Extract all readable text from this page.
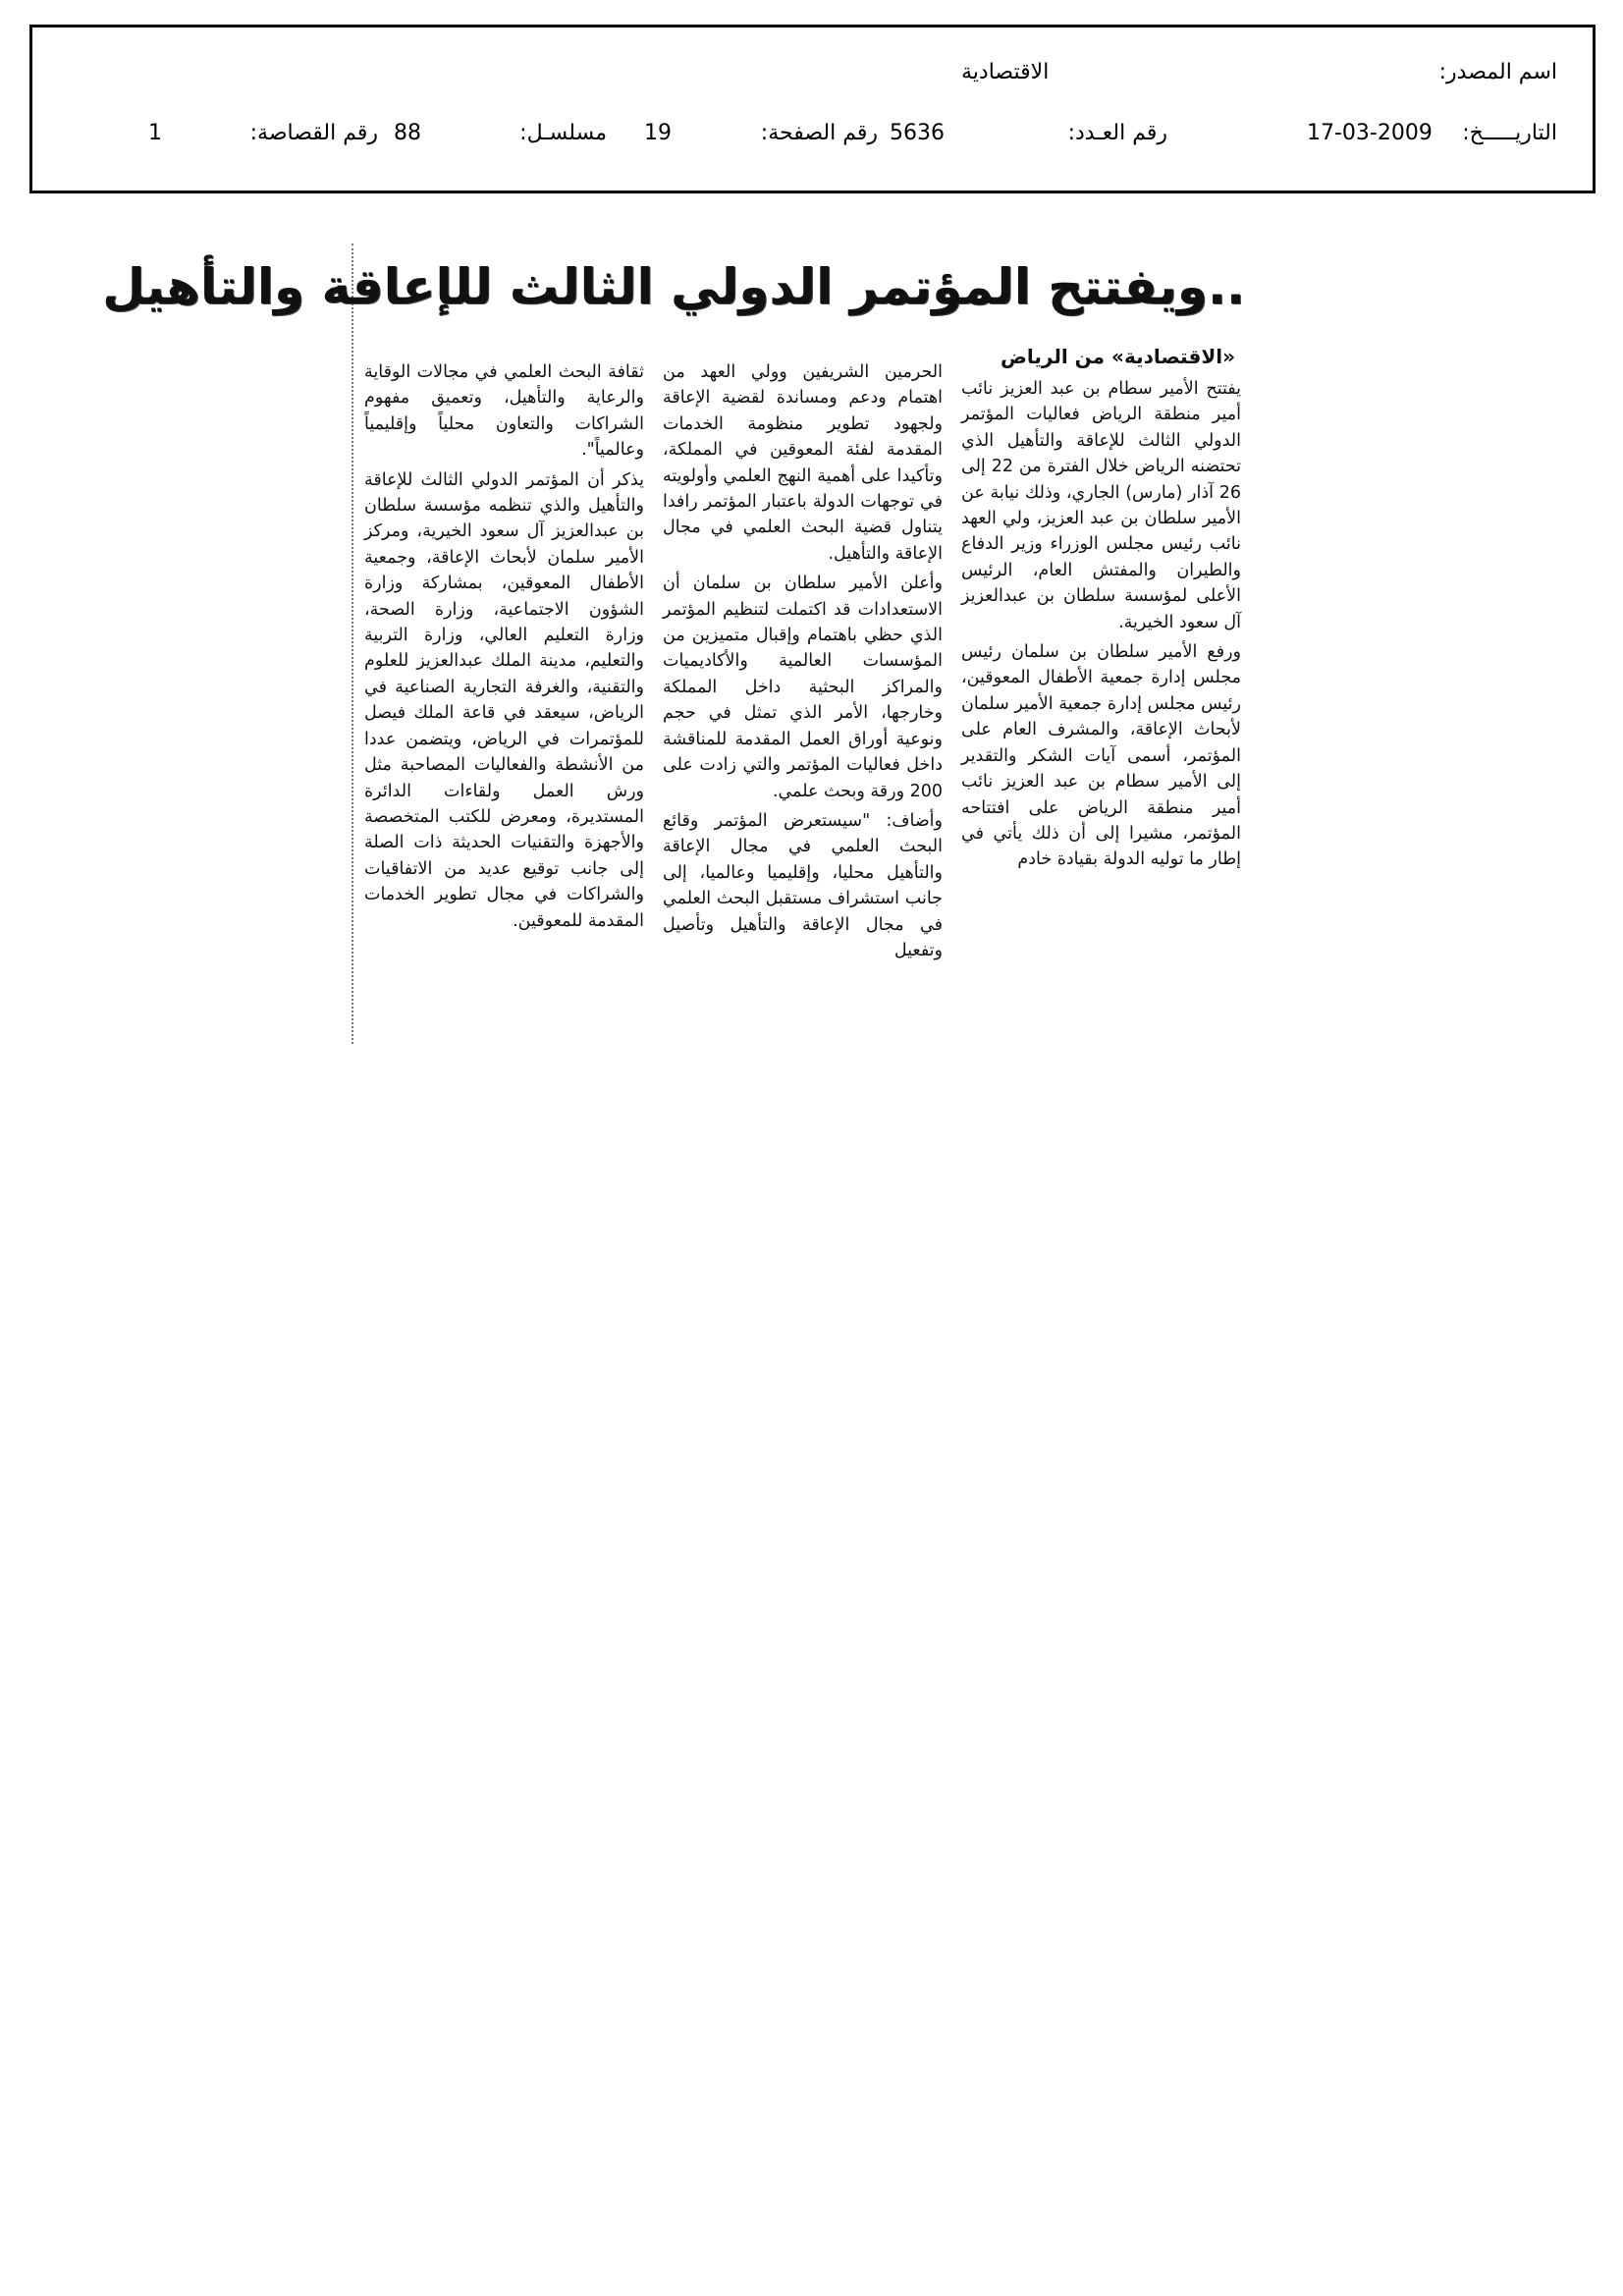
اسم المصدر:
الاقتصادية
التاريـــــخ:
17-03-2009
رقم العـدد:
5636
رقم الصفحة:
19
مسلسـل:
88
رقم القصاصة:
1
..ويفتتح المؤتمر الدولي الثالث للإعاقة والتأهيل
«الاقتصادية» من الرياض

يفتتح الأمير سطام بن عبد العزيز نائب أمير منطقة الرياض فعاليات المؤتمر الدولي الثالث للإعاقة والتأهيل الذي تحتضنه الرياض خلال الفترة من 22 إلى 26 آذار (مارس) الجاري، وذلك نيابة عن الأمير سلطان بن عبد العزيز، ولي العهد نائب رئيس مجلس الوزراء وزير الدفاع والطيران والمفتش العام، الرئيس الأعلى لمؤسسة سلطان بن عبدالعزيز آل سعود الخيرية.

ورفع الأمير سلطان بن سلمان رئيس مجلس إدارة جمعية الأطفال المعوقين، رئيس مجلس إدارة جمعية الأمير سلمان لأبحاث الإعاقة، والمشرف العام على المؤتمر، أسمى آيات الشكر والتقدير إلى الأمير سطام بن عبد العزيز نائب أمير منطقة الرياض على افتتاحه المؤتمر، مشيرا إلى أن ذلك يأتي في إطار ما توليه الدولة بقيادة خادم

الحرمين الشريفين وولي العهد من اهتمام ودعم ومساندة لقضية الإعاقة ولجهود تطوير منظومة الخدمات المقدمة لفئة المعوقين في المملكة، وتأكيدا على أهمية النهج العلمي وأولويته في توجهات الدولة باعتبار المؤتمر رافدا يتناول قضية البحث العلمي في مجال الإعاقة والتأهيل.

وأعلن الأمير سلطان بن سلمان أن الاستعدادات قد اكتملت لتنظيم المؤتمر الذي حظي باهتمام وإقبال متميزين من المؤسسات العالمية والأكاديميات والمراكز البحثية داخل المملكة وخارجها، الأمر الذي تمثل في حجم ونوعية أوراق العمل المقدمة للمناقشة داخل فعاليات المؤتمر والتي زادت على 200 ورقة وبحث علمي.

وأضاف: "سيستعرض المؤتمر وقائع البحث العلمي في مجال الإعاقة والتأهيل محليا، وإقليميا وعالميا، إلى جانب استشراف مستقبل البحث العلمي في مجال الإعاقة والتأهيل وتأصيل وتفعيل

ثقافة البحث العلمي في مجالات الوقاية والرعاية والتأهيل، وتعميق مفهوم الشراكات والتعاون محلياً وإقليمياً وعالمياً".

يذكر أن المؤتمر الدولي الثالث للإعاقة والتأهيل والذي تنظمه مؤسسة سلطان بن عبدالعزيز آل سعود الخيرية، ومركز الأمير سلمان لأبحاث الإعاقة، وجمعية الأطفال المعوقين، بمشاركة وزارة الشؤون الاجتماعية، وزارة الصحة، وزارة التعليم العالي، وزارة التربية والتعليم، مدينة الملك عبدالعزيز للعلوم والتقنية، والغرفة التجارية الصناعية في الرياض، سيعقد في قاعة الملك فيصل للمؤتمرات في الرياض، ويتضمن عددا من الأنشطة والفعاليات المصاحبة مثل ورش العمل ولقاءات الدائرة المستديرة، ومعرض للكتب المتخصصة والأجهزة والتقنيات الحديثة ذات الصلة إلى جانب توقيع عديد من الاتفاقيات والشراكات في مجال تطوير الخدمات المقدمة للمعوقين.
